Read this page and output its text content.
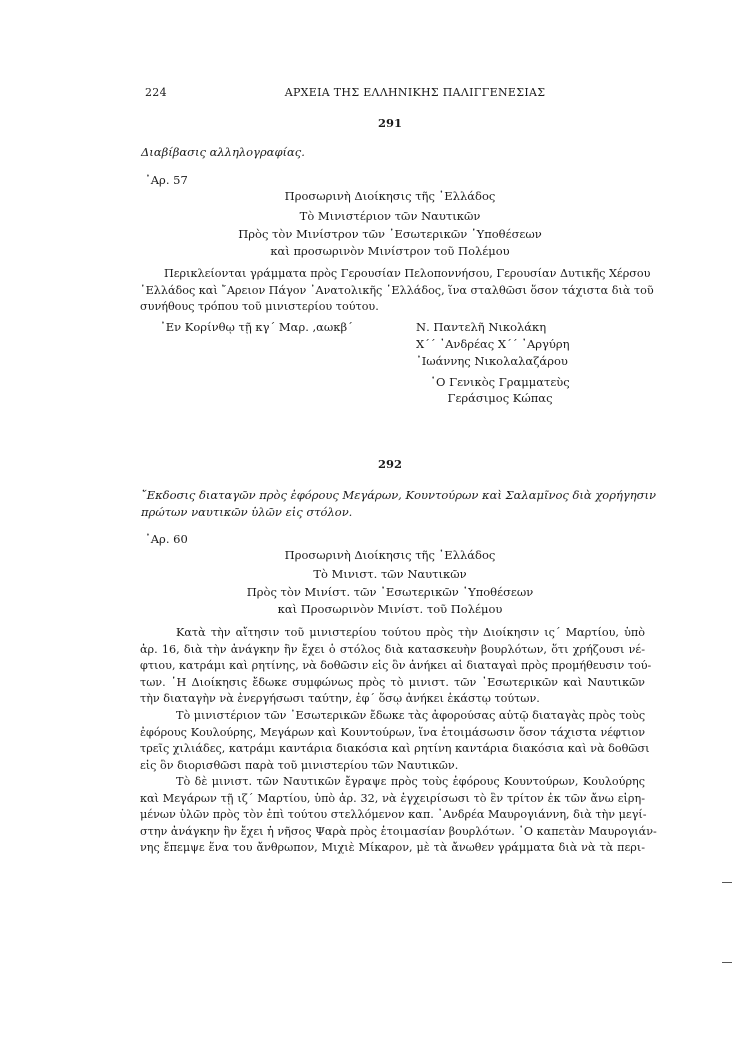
224	ΑΡΧΕΙΑ ΤΗΣ ΕΛΛΗΝΙΚΗΣ ΠΑΛΙΓΓΕΝΕΣΙΑΣ
291
Διαβίβασις αλληλογραφίας.
᾿Αρ. 57
Προσωρινὴ Διοίκησις τῆς ῾Ελλάδος
Τὸ Μινιστέριον τῶν Ναυτικῶν
Πρὸς τὸν Μινίστρον τῶν ᾿Εσωτερικῶν ῾Υποθέσεων
καὶ προσωρινὸν Μινίστρον τοῦ Πολέμου
Περικλείονται γράμματα πρὸς Γερουσίαν Πελοποννήσου, Γερουσίαν Δυτικῆς Χέρσου
῾Ελλάδος καὶ ῎Αρειον Πάγον ᾿Ανατολικῆς ῾Ελλάδος, ἵνα σταλθῶσι ὅσον τάχιστα διὰ τοῦ
συνήθους τρόπου τοῦ μινιστερίου τούτου.
᾿Εν Κορίνθῳ τῇ κγ΄ Μαρ. ,αωκβ΄	Ν. Παντελῆ Νικολάκη
Χ΄΄ ᾿Ανδρέας Χ΄΄ ᾿Αργύρη
᾿Ιωάννης Νικολαλαζάρου
῾Ο Γενικὸς Γραμματεὺς
Γεράσιμος Κώπας
292
῎Εκδοσις διαταγῶν πρὸς ἐφόρους Μεγάρων, Κουντούρων καὶ Σαλαμῖνος διὰ χορήγησιν
πρώτων ναυτικῶν ὑλῶν εἰς στόλον.
᾿Αρ. 60
Προσωρινὴ Διοίκησις τῆς ῾Ελλάδος
Τὸ Μινιστ. τῶν Ναυτικῶν
Πρὸς τὸν Μινίστ. τῶν ᾿Εσωτερικῶν ῾Υποθέσεων
καὶ Προσωρινὸν Μινίστ. τοῦ Πολέμου
Κατὰ τὴν αἴτησιν τοῦ μινιστερίου τούτου πρὸς τὴν Διοίκησιν ις΄ Μαρτίου, ὑπὸ
ἀρ. 16, διὰ τὴν ἀνάγκην ἣν ἔχει ὁ στόλος διὰ κατασκευὴν βουρλότων, ὅτι χρήζουσι νέ-
φτιου, κατράμι καὶ ρητίνης, νὰ δοθῶσιν εἰς ὃν ἀνήκει αἱ διαταγαὶ πρὸς προμήθευσιν τού-
των. ῾Η Διοίκησις ἔδωκε συμφώνως πρὸς τὸ μινιστ. τῶν ᾿Εσωτερικῶν καὶ Ναυτικῶν
τὴν διαταγὴν νὰ ἐνεργήσωσι ταύτην, ἐφ΄ ὅσῳ ἀνήκει ἑκάστῳ τούτων.
Τὸ μινιστέριον τῶν ᾿Εσωτερικῶν ἔδωκε τὰς ἀφορούσας αὐτῷ διαταγὰς πρὸς τοὺς
ἐφόρους Κουλούρης, Μεγάρων καὶ Κουντούρων, ἵνα ἑτοιμάσωσιν ὅσον τάχιστα νέφτιον
τρεῖς χιλιάδες, κατράμι καντάρια διακόσια καὶ ρητίνη καντάρια διακόσια καὶ νὰ δοθῶσι
εἰς ὃν διορισθῶσι παρὰ τοῦ μινιστερίου τῶν Ναυτικῶν.
Τὸ δὲ μινιστ. τῶν Ναυτικῶν ἔγραψε πρὸς τοὺς ἐφόρους Κουντούρων, Κουλούρης
καὶ Μεγάρων τῇ ιζ΄ Μαρτίου, ὑπὸ ἀρ. 32, νὰ ἐγχειρίσωσι τὸ ἓν τρίτον ἐκ τῶν ἄνω εἰρη-
μένων ὑλῶν πρὸς τὸν ἐπὶ τούτου στελλόμενον καπ. ᾿Ανδρέα Μαυρογιάννη, διὰ τὴν μεγί-
στην ἀνάγκην ἣν ἔχει ἡ νῆσος Ψαρὰ πρὸς ἑτοιμασίαν βουρλότων. ῾Ο καπετὰν Μαυρογιάν-
νης ἔπεμψε ἕνα του ἄνθρωπον, Μιχιὲ Μίκαρον, μὲ τὰ ἄνωθεν γράμματα διὰ νὰ τὰ περι-
